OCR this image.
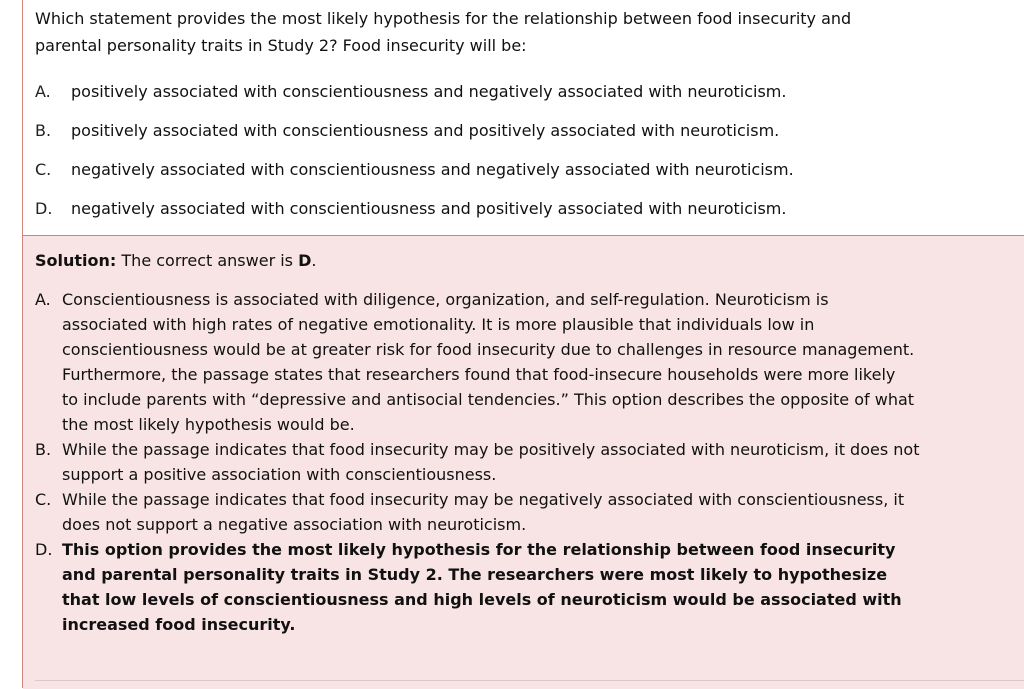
Which statement provides the most likely hypothesis for the relationship between food insecurity and
parental personality traits in Study 2? Food insecurity will be:
A. positively associated with conscientiousness and negatively associated with neuroticism.
B. positively associated with conscientiousness and positively associated with neuroticism.
C. negatively associated with conscientiousness and negatively associated with neuroticism.
D. negatively associated with conscientiousness and positively associated with neuroticism.
Solution: The correct answer is D.
A. Conscientiousness is associated with diligence, organization, and self-regulation. Neuroticism is
associated with high rates of negative emotionality. It is more plausible that individuals low in
conscientiousness would be at greater risk for food insecurity due to challenges in resource management.
Furthermore, the passage states that researchers found that food-insecure households were more likely
to include parents with “depressive and antisocial tendencies.” This option describes the opposite of what
the most likely hypothesis would be.
B. While the passage indicates that food insecurity may be positively associated with neuroticism, it does not
support a positive association with conscientiousness.
C. While the passage indicates that food insecurity may be negatively associated with conscientiousness, it
does not support a negative association with neuroticism.
D. This option provides the most likely hypothesis for the relationship between food insecurity
and parental personality traits in Study 2. The researchers were most likely to hypothesize
that low levels of conscientiousness and high levels of neuroticism would be associated with
increased food insecurity.
